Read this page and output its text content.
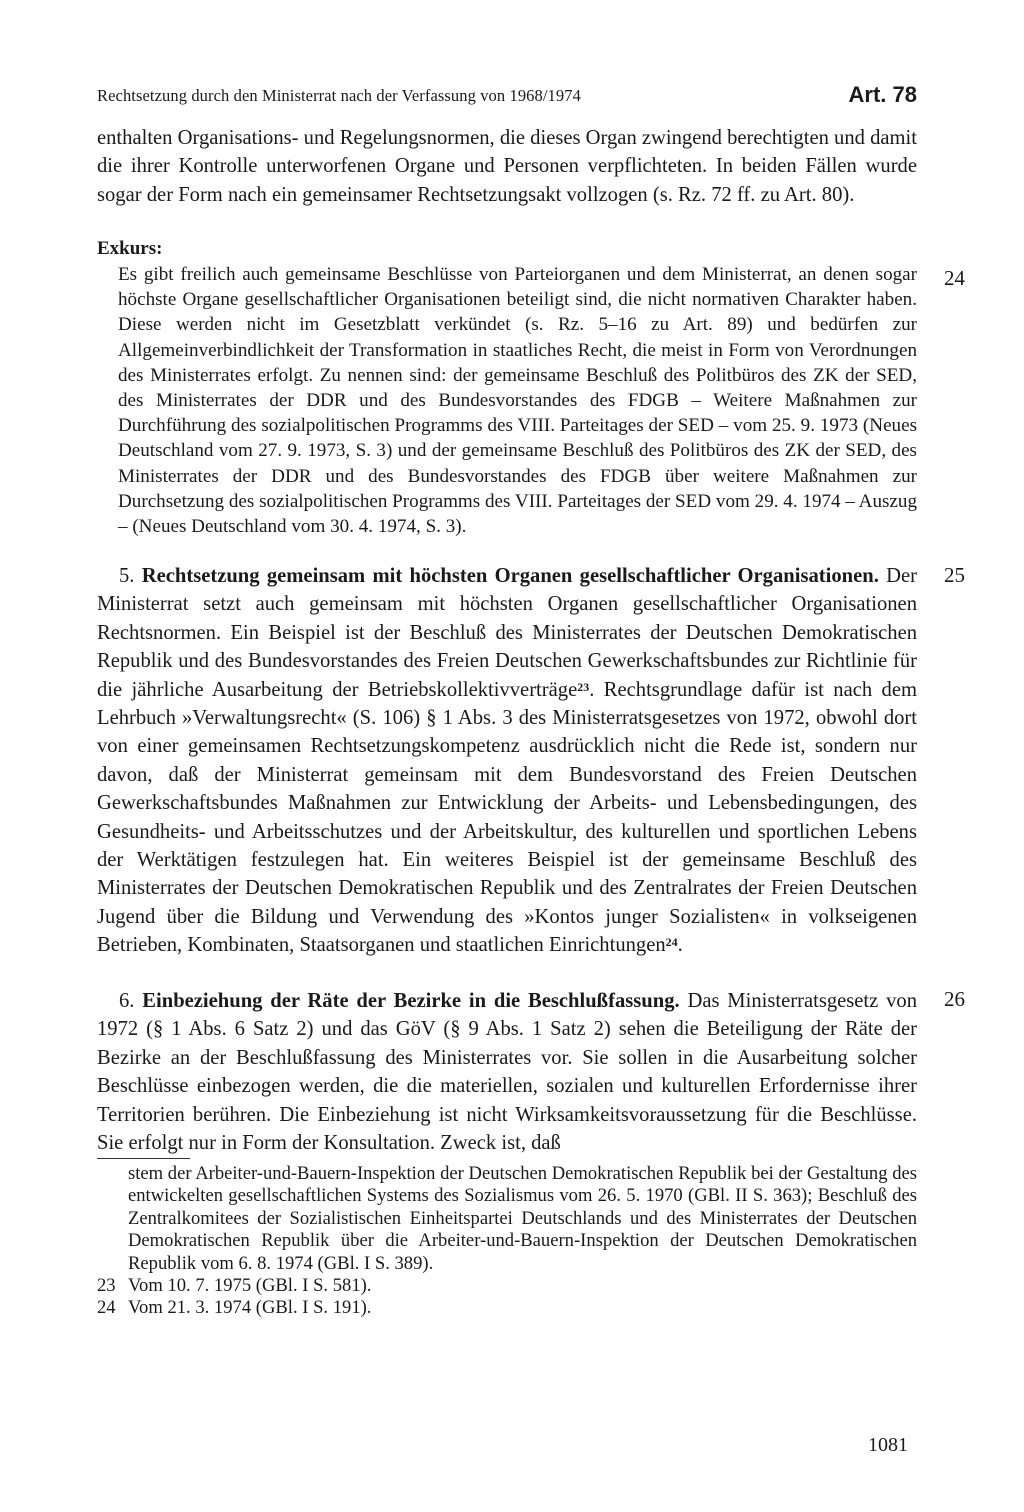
Rechtsetzung durch den Ministerrat nach der Verfassung von 1968/1974	Art. 78
enthalten Organisations- und Regelungsnormen, die dieses Organ zwingend berechtigten und damit die ihrer Kontrolle unterworfenen Organe und Personen verpflichteten. In beiden Fällen wurde sogar der Form nach ein gemeinsamer Rechtsetzungsakt vollzogen (s. Rz. 72 ff. zu Art. 80).
Exkurs:
24
Es gibt freilich auch gemeinsame Beschlüsse von Parteiorganen und dem Ministerrat, an denen sogar höchste Organe gesellschaftlicher Organisationen beteiligt sind, die nicht normativen Charakter haben. Diese werden nicht im Gesetzblatt verkündet (s. Rz. 5–16 zu Art. 89) und bedürfen zur Allgemeinverbindlichkeit der Transformation in staatliches Recht, die meist in Form von Verordnungen des Ministerrates erfolgt. Zu nennen sind: der gemeinsame Beschluß des Politbüros des ZK der SED, des Ministerrates der DDR und des Bundesvorstandes des FDGB – Weitere Maßnahmen zur Durchführung des sozialpolitischen Programms des VIII. Parteitages der SED – vom 25. 9. 1973 (Neues Deutschland vom 27. 9. 1973, S. 3) und der gemeinsame Beschluß des Politbüros des ZK der SED, des Ministerrates der DDR und des Bundesvorstandes des FDGB über weitere Maßnahmen zur Durchsetzung des sozialpolitischen Programms des VIII. Parteitages der SED vom 29. 4. 1974 – Auszug – (Neues Deutschland vom 30. 4. 1974, S. 3).
25
5. Rechtsetzung gemeinsam mit höchsten Organen gesellschaftlicher Organisationen. Der Ministerrat setzt auch gemeinsam mit höchsten Organen gesellschaftlicher Organisationen Rechtsnormen. Ein Beispiel ist der Beschluß des Ministerrates der Deutschen Demokratischen Republik und des Bundesvorstandes des Freien Deutschen Gewerkschaftsbundes zur Richtlinie für die jährliche Ausarbeitung der Betriebskollektivverträge$^{23}$. Rechtsgrundlage dafür ist nach dem Lehrbuch »Verwaltungsrecht« (S. 106) § 1 Abs. 3 des Ministerratsgesetzes von 1972, obwohl dort von einer gemeinsamen Rechtsetzungskompetenz ausdrücklich nicht die Rede ist, sondern nur davon, daß der Ministerrat gemeinsam mit dem Bundesvorstand des Freien Deutschen Gewerkschaftsbundes Maßnahmen zur Entwicklung der Arbeits- und Lebensbedingungen, des Gesundheits- und Arbeitsschutzes und der Arbeitskultur, des kulturellen und sportlichen Lebens der Werktätigen festzulegen hat. Ein weiteres Beispiel ist der gemeinsame Beschluß des Ministerrates der Deutschen Demokratischen Republik und des Zentralrates der Freien Deutschen Jugend über die Bildung und Verwendung des »Kontos junger Sozialisten« in volkseigenen Betrieben, Kombinaten, Staatsorganen und staatlichen Einrichtungen$^{24}$.
26
6. Einbeziehung der Räte der Bezirke in die Beschlußfassung. Das Ministerratsgesetz von 1972 (§ 1 Abs. 6 Satz 2) und das GöV (§ 9 Abs. 1 Satz 2) sehen die Beteiligung der Räte der Bezirke an der Beschlußfassung des Ministerrates vor. Sie sollen in die Ausarbeitung solcher Beschlüsse einbezogen werden, die die materiellen, sozialen und kulturellen Erfordernisse ihrer Territorien berühren. Die Einbeziehung ist nicht Wirksamkeitsvoraussetzung für die Beschlüsse. Sie erfolgt nur in Form der Konsultation. Zweck ist, daß
stem der Arbeiter-und-Bauern-Inspektion der Deutschen Demokratischen Republik bei der Gestaltung des entwickelten gesellschaftlichen Systems des Sozialismus vom 26. 5. 1970 (GBl. II S. 363); Beschluß des Zentralkomitees der Sozialistischen Einheitspartei Deutschlands und des Ministerrates der Deutschen Demokratischen Republik über die Arbeiter-und-Bauern-Inspektion der Deutschen Demokratischen Republik vom 6. 8. 1974 (GBl. I S. 389).
23 Vom 10. 7. 1975 (GBl. I S. 581).
24 Vom 21. 3. 1974 (GBl. I S. 191).
1081
